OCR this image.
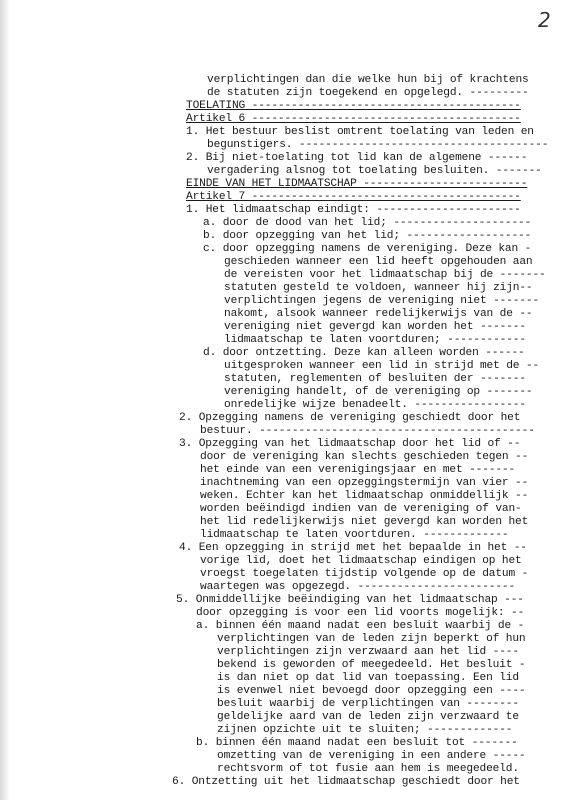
2
verplichtingen dan die welke hun bij of krachtens
de statuten zijn toegekend en opgelegd. ---------
TOELATING -----------------------------------------
Artikel 6 -----------------------------------------
1. Het bestuur beslist omtrent toelating van leden en
begunstigers. --------------------------------------
2. Bij niet-toelating tot lid kan de algemene ------
vergadering alsnog tot toelating besluiten. -------
EINDE VAN HET LIDMAATSCHAP -------------------------
Artikel 7 -----------------------------------------
1. Het lidmaatschap eindigt: ----------------------
a. door de dood van het lid; ---------------------
b. door opzegging van het lid; -------------------
c. door opzegging namens de vereniging. Deze kan -
geschieden wanneer een lid heeft opgehouden aan
de vereisten voor het lidmaatschap bij de -------
statuten gesteld te voldoen, wanneer hij zijn--
verplichtingen jegens de vereniging niet -------
nakomt, alsook wanneer redelijkerwijs van de --
vereniging niet gevergd kan worden het -------
lidmaatschap te laten voortduren; ------------
d. door ontzetting. Deze kan alleen worden ------
uitgesproken wanneer een lid in strijd met de --
statuten, reglementen of besluiten der -------
vereniging handelt, of de vereniging op -------
onredelijke wijze benadeelt. -----------------
2. Opzegging namens de vereniging geschiedt door het
bestuur. ------------------------------------------
3. Opzegging van het lidmaatschap door het lid of --
door de vereniging kan slechts geschieden tegen --
het einde van een verenigingsjaar en met -------
inachtneming van een opzeggingstermijn van vier --
weken. Echter kan het lidmaatschap onmiddellijk --
worden beëindigd indien van de vereniging of van-
het lid redelijkerwijs niet gevergd kan worden het
lidmaatschap te laten voortduren. -------------
4. Een opzegging in strijd met het bepaalde in het --
vorige lid, doet het lidmaatschap eindigen op het
vroegst toegelaten tijdstip volgende op de datum -
waartegen was opgezegd. ------------------------
5. Onmiddellijke beëindiging van het lidmaatschap ---
door opzegging is voor een lid voorts mogelijk: --
a. binnen één maand nadat een besluit waarbij de -
verplichtingen van de leden zijn beperkt of hun
verplichtingen zijn verzwaard aan het lid ----
bekend is geworden of meegedeeld. Het besluit -
is dan niet op dat lid van toepassing. Een lid
is evenwel niet bevoegd door opzegging een ----
besluit waarbij de verplichtingen van --------
geldelijke aard van de leden zijn verzwaard te
zijnen opzichte uit te sluiten; -------------
b. binnen één maand nadat een besluit tot -------
omzetting van de vereniging in een andere -----
rechtsvorm of tot fusie aan hem is meegedeeld.
6. Ontzetting uit het lidmaatschap geschiedt door het
